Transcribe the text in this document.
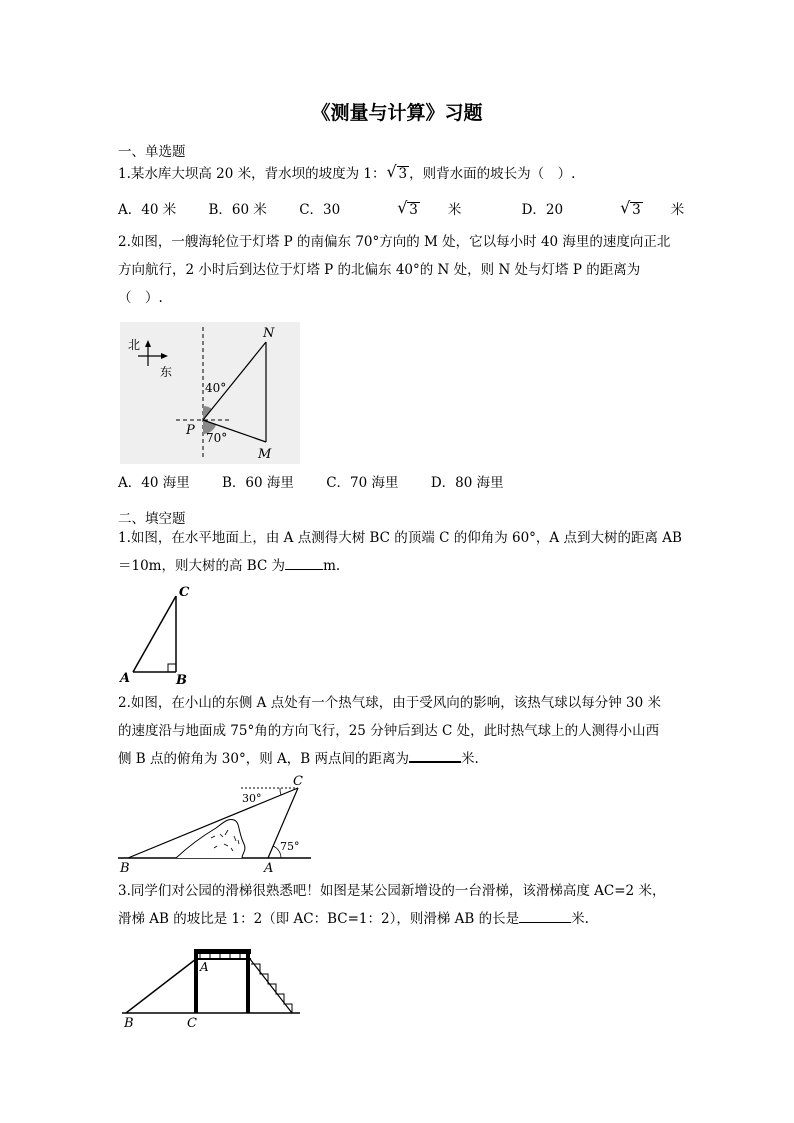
《测量与计算》习题
一、单选题
1.某水库大坝高 20 米，背水坝的坡度为 1： √ 3 ，则背水面的坡长为（　）.
A．40 米 B．60 米 C．30	√ 3 米	D．20	√ 3 米
2.如图，一艘海轮位于灯塔 P 的南偏东 70°方向的 M 处，它以每小时 40 海里的速度向正北
方向航行，2 小时后到达位于灯塔 P 的北偏东 40°的 N 处，则 N 处与灯塔 P 的距离为
（　）.
北
东
40°
70°
P
N
M
A．40 海里 B．60 海里 C．70 海里 D．80 海里
二、填空题
1.如图，在水平地面上，由 A 点测得大树 BC 的顶端 C 的仰角为 60°，A 点到大树的距离 AB
＝10m，则大树的高 BC 为	m.
C
A	B
2.如图，在小山的东侧 A 点处有一个热气球，由于受风向的影响，该热气球以每分钟 30 米
的速度沿与地面成 75°角的方向飞行，25 分钟后到达 C 处，此时热气球上的人测得小山西
侧 B 点的俯角为 30°，则 A，B 两点间的距离为	米.
30°
75°
C
B	A
3.同学们对公园的滑梯很熟悉吧！如图是某公园新增设的一台滑梯，该滑梯高度 AC=2 米，
滑梯 AB 的坡比是 1：2（即 AC：BC=1：2），则滑梯 AB 的长是	米.
A
B	C
